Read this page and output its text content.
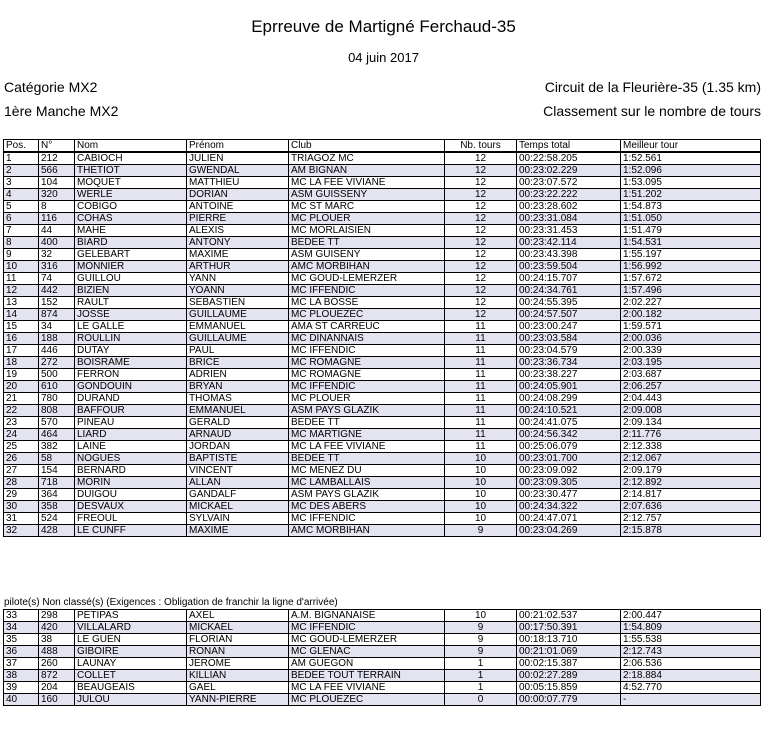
Eprreuve de Martigné Ferchaud-35
04 juin 2017
Catégorie MX2	Circuit de la Fleurière-35 (1.35 km)
1ère Manche MX2	Classement sur le nombre de tours
Pos.	N°	Nom	Prénom	Club	Nb. tours	Temps total	Meilleur tour
1	212	CABIOCH	JULIEN	TRIAGOZ MC	12	00:22:58.205	1:52.561
2	566	THETIOT	GWENDAL	AM BIGNAN	12	00:23:02.229	1:52.096
3	104	MOQUET	MATTHIEU	MC LA FEE VIVIANE	12	00:23:07.572	1:53.095
4	320	WERLE	DORIAN	ASM GUISSENY	12	00:23:22.222	1:51.202
5	8	COBIGO	ANTOINE	MC ST MARC	12	00:23:28.602	1:54.873
6	116	COHAS	PIERRE	MC PLOUER	12	00:23:31.084	1:51.050
7	44	MAHE	ALEXIS	MC MORLAISIEN	12	00:23:31.453	1:51.479
8	400	BIARD	ANTONY	BEDEE TT	12	00:23:42.114	1:54.531
9	32	GELEBART	MAXIME	ASM GUISENY	12	00:23:43.398	1:55.197
10	316	MONNIER	ARTHUR	AMC MORBIHAN	12	00:23:59.504	1:56.992
11	74	GUILLOU	YANN	MC GOUD-LEMERZER	12	00:24:15.707	1:57.672
12	442	BIZIEN	YOANN	MC IFFENDIC	12	00:24:34.761	1:57.496
13	152	RAULT	SEBASTIEN	MC LA BOSSE	12	00:24:55.395	2:02.227
14	874	JOSSE	GUILLAUME	MC PLOUEZEC	12	00:24:57.507	2:00.182
15	34	LE GALLE	EMMANUEL	AMA ST CARREUC	11	00:23:00.247	1:59.571
16	188	ROULLIN	GUILLAUME	MC DINANNAIS	11	00:23:03.584	2:00.036
17	446	DUTAY	PAUL	MC IFFENDIC	11	00:23:04.579	2:00.339
18	272	BOISRAME	BRICE	MC ROMAGNE	11	00:23:36.734	2:03.195
19	500	FERRON	ADRIEN	MC ROMAGNE	11	00:23:38.227	2:03.687
20	610	GONDOUIN	BRYAN	MC IFFENDIC	11	00:24:05.901	2:06.257
21	780	DURAND	THOMAS	MC PLOUER	11	00:24:08.299	2:04.443
22	808	BAFFOUR	EMMANUEL	ASM PAYS GLAZIK	11	00:24:10.521	2:09.008
23	570	PINEAU	GERALD	BEDEE TT	11	00:24:41.075	2:09.134
24	464	LIARD	ARNAUD	MC MARTIGNE	11	00:24:56.342	2:11.776
25	382	LAINE	JORDAN	MC LA FEE VIVIANE	11	00:25:06.079	2:12.338
26	58	NOGUES	BAPTISTE	BEDEE TT	10	00:23:01.700	2:12.067
27	154	BERNARD	VINCENT	MC MENEZ DU	10	00:23:09.092	2:09.179
28	718	MORIN	ALLAN	MC LAMBALLAIS	10	00:23:09.305	2:12.892
29	364	DUIGOU	GANDALF	ASM PAYS GLAZIK	10	00:23:30.477	2:14.817
30	358	DESVAUX	MICKAEL	MC DES ABERS	10	00:24:34.322	2:07.636
31	524	FREOUL	SYLVAIN	MC IFFENDIC	10	00:24:47.071	2:12.757
32	428	LE CUNFF	MAXIME	AMC MORBIHAN	9	00:23:04.269	2:15.878
pilote(s) Non classé(s) (Exigences : Obligation de franchir la ligne d'arrivée)
33	298	PETIPAS	AXEL	A.M. BIGNANAISE	10	00:21:02.537	2:00.447
34	420	VILLALARD	MICKAEL	MC IFFENDIC	9	00:17:50.391	1:54.809
35	38	LE GUEN	FLORIAN	MC GOUD-LEMERZER	9	00:18:13.710	1:55.538
36	488	GIBOIRE	RONAN	MC GLENAC	9	00:21:01.069	2:12.743
37	260	LAUNAY	JEROME	AM GUEGON	1	00:02:15.387	2:06.536
38	872	COLLET	KILLIAN	BEDEE TOUT TERRAIN	1	00:02:27.289	2:18.884
39	204	BEAUGEAIS	GAEL	MC LA FEE VIVIANE	1	00:05:15.859	4:52.770
40	160	JULOU	YANN-PIERRE	MC PLOUEZEC	0	00:00:07.779	-
